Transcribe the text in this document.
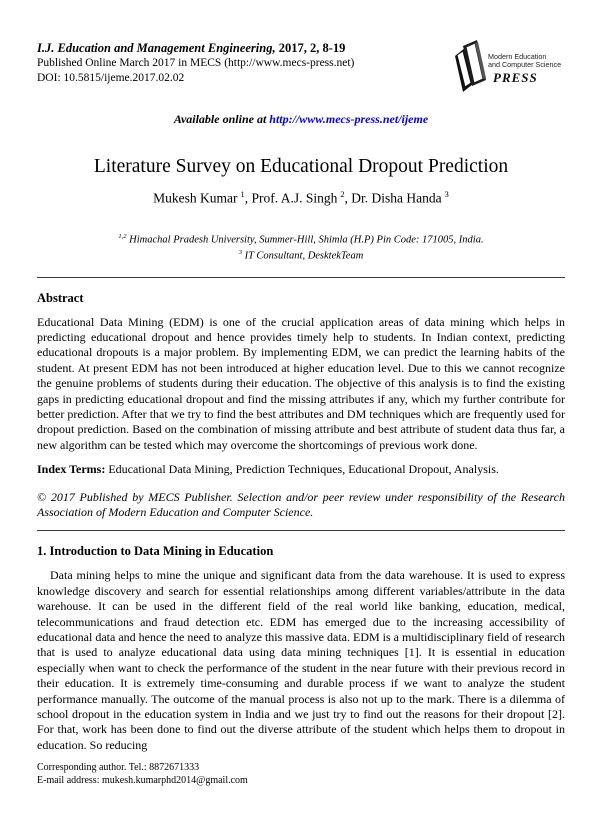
I.J. Education and Management Engineering, 2017, 2, 8-19
Published Online March 2017 in MECS (http://www.mecs-press.net)
DOI: 10.5815/ijeme.2017.02.02
Modern Education
and Computer Science
PRESS
Available online at http://www.mecs-press.net/ijeme
Literature Survey on Educational Dropout Prediction
Mukesh Kumar $^1$, Prof. A.J. Singh $^2$, Dr. Disha Handa $^3$
$^{1,2}$ Himachal Pradesh University, Summer-Hill, Shimla (H.P) Pin Code: 171005, India.
$^3$ IT Consultant, DesktekTeam
Abstract
Educational Data Mining (EDM) is one of the crucial application areas of data mining which helps in predicting educational dropout and hence provides timely help to students. In Indian context, predicting educational dropouts is a major problem. By implementing EDM, we can predict the learning habits of the student. At present EDM has not been introduced at higher education level. Due to this we cannot recognize the genuine problems of students during their education. The objective of this analysis is to find the existing gaps in predicting educational dropout and find the missing attributes if any, which my further contribute for better prediction. After that we try to find the best attributes and DM techniques which are frequently used for dropout prediction. Based on the combination of missing attribute and best attribute of student data thus far, a new algorithm can be tested which may overcome the shortcomings of previous work done.
Index Terms: Educational Data Mining, Prediction Techniques, Educational Dropout, Analysis.
© 2017 Published by MECS Publisher. Selection and/or peer review under responsibility of the Research Association of Modern Education and Computer Science.
1. Introduction to Data Mining in Education
Data mining helps to mine the unique and significant data from the data warehouse. It is used to express knowledge discovery and search for essential relationships among different variables/attribute in the data warehouse. It can be used in the different field of the real world like banking, education, medical, telecommunications and fraud detection etc. EDM has emerged due to the increasing accessibility of educational data and hence the need to analyze this massive data. EDM is a multidisciplinary field of research that is used to analyze educational data using data mining techniques [1]. It is essential in education especially when want to check the performance of the student in the near future with their previous record in their education. It is extremely time-consuming and durable process if we want to analyze the student performance manually. The outcome of the manual process is also not up to the mark. There is a dilemma of school dropout in the education system in India and we just try to find out the reasons for their dropout [2]. For that, work has been done to find out the diverse attribute of the student which helps them to dropout in education. So reducing
Corresponding author. Tel.: 8872671333
E-mail address: mukesh.kumarphd2014@gmail.com
